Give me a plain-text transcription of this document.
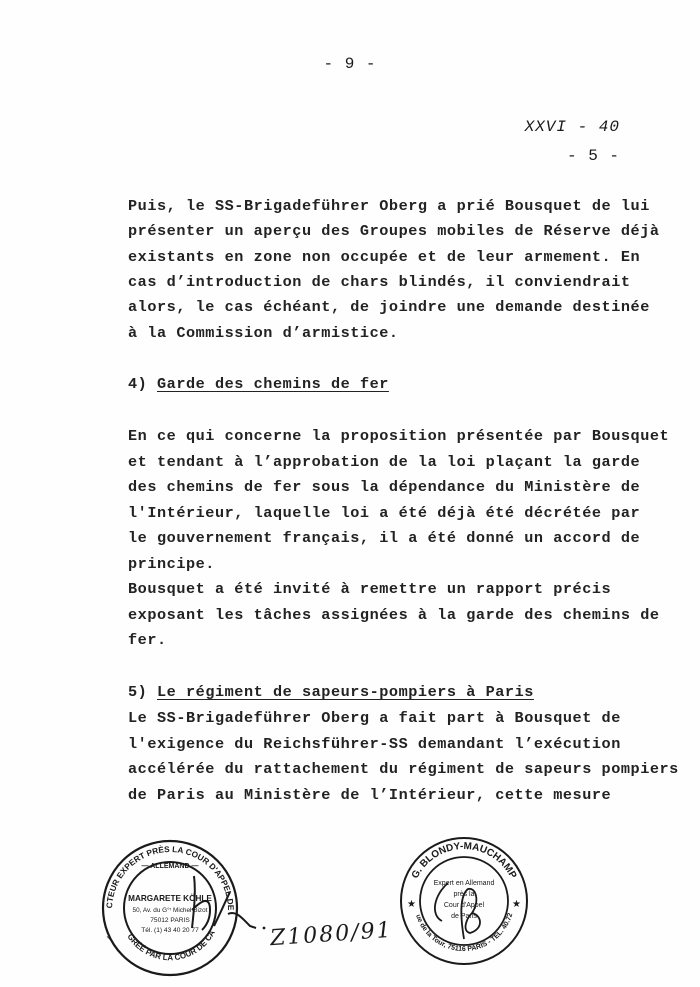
- 9 -
XXVI - 40
- 5 -
Puis, le SS-Brigadeführer Oberg a prié Bousquet de lui
présenter un aperçu des Groupes mobiles de Réserve déjà
existants en zone non occupée et de leur armement. En
cas d’introduction de chars blindés, il conviendrait
alors, le cas échéant, de joindre une demande destinée
à la Commission d’armistice.
4) Garde des chemins de fer
En ce qui concerne la proposition présentée par Bousquet
et tendant à l’approbation de la loi plaçant la garde
des chemins de fer sous la dépendance du Ministère de
l'Intérieur, laquelle loi a été déjà été décrétée par
le gouvernement français, il a été donné un accord de
principe.
Bousquet a été invité à remettre un rapport précis
exposant les tâches assignées à la garde des chemins de
fer.
5) Le régiment de sapeurs-pompiers à Paris
Le SS-Brigadeführer Oberg a fait part à Bousquet de
l'exigence du Reichsführer-SS demandant l’exécution
accélérée du rattachement du régiment de sapeurs pompiers
de Paris au Ministère de l’Intérieur, cette mesure
CTEUR EXPERT PRÈS LA COUR D'APPEL DE
— ALLEMAND —
GRÉÉ PAR LA COUR DE CA
MARGARETE KÖHLE
50, Av. du G°ʳ Michel Bizot
75012 PARIS
Tél. (1) 43 40 20 77
/	Z1080/91
G. BLONDY-MAUCHAMP
ue de la Tour, 75116 PARIS - TEL. 40.72
★	★
Expert en Allemand
près la
Cour d'Appel
de Paris
